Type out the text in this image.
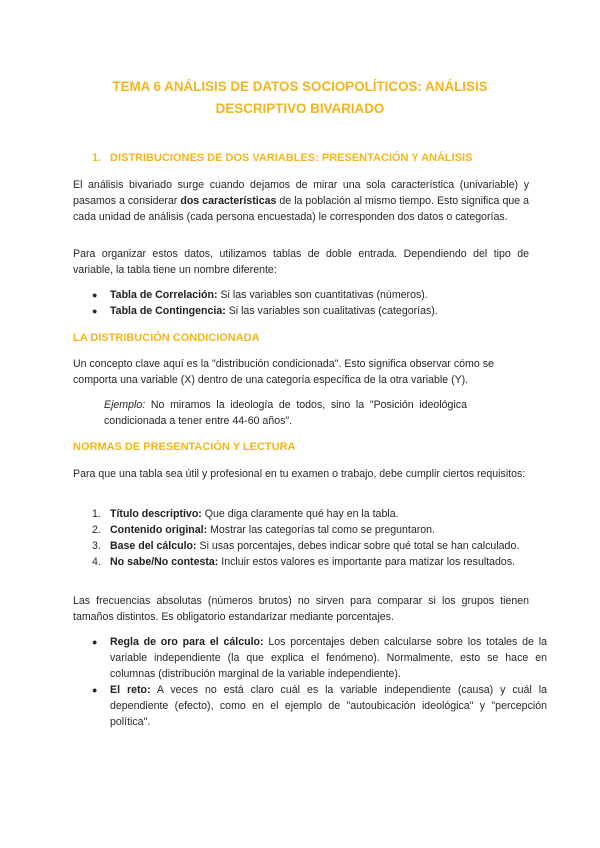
TEMA 6 ANÁLISIS DE DATOS SOCIOPOLÍTICOS: ANÁLISIS
DESCRIPTIVO BIVARIADO
1. DISTRIBUCIONES DE DOS VARIABLES: PRESENTACIÓN Y ANÁLISIS

El análisis bivariado surge cuando dejamos de mirar una sola característica (univariable) y pasamos a considerar dos características de la población al mismo tiempo. Esto significa que a cada unidad de análisis (cada persona encuestada) le corresponden dos datos o categorías.

Para organizar estos datos, utilizamos tablas de doble entrada. Dependiendo del tipo de variable, la tabla tiene un nombre diferente:

● Tabla de Correlación: Si las variables son cuantitativas (números).
● Tabla de Contingencia: Si las variables son cualitativas (categorías).
LA DISTRIBUCIÓN CONDICIONADA

Un concepto clave aquí es la "distribución condicionada". Esto significa observar cómo se comporta una variable (X) dentro de una categoría específica de la otra variable (Y).

Ejemplo: No miramos la ideología de todos, sino la "Posición ideológica condicionada a tener entre 44-60 años".

NORMAS DE PRESENTACIÓN Y LECTURA

Para que una tabla sea útil y profesional en tu examen o trabajo, debe cumplir ciertos requisitos:

1. Título descriptivo: Que diga claramente qué hay en la tabla.
2. Contenido original: Mostrar las categorías tal como se preguntaron.
3. Base del cálculo: Si usas porcentajes, debes indicar sobre qué total se han calculado.
4. No sabe/No contesta: Incluir estos valores es importante para matizar los resultados.

Las frecuencias absolutas (números brutos) no sirven para comparar si los grupos tienen tamaños distintos. Es obligatorio estandarizar mediante porcentajes.

● Regla de oro para el cálculo: Los porcentajes deben calcularse sobre los totales de la variable independiente (la que explica el fenómeno). Normalmente, esto se hace en columnas (distribución marginal de la variable independiente).
● El reto: A veces no está claro cuál es la variable independiente (causa) y cuál la dependiente (efecto), como en el ejemplo de "autoubicación ideológica" y "percepción política".
